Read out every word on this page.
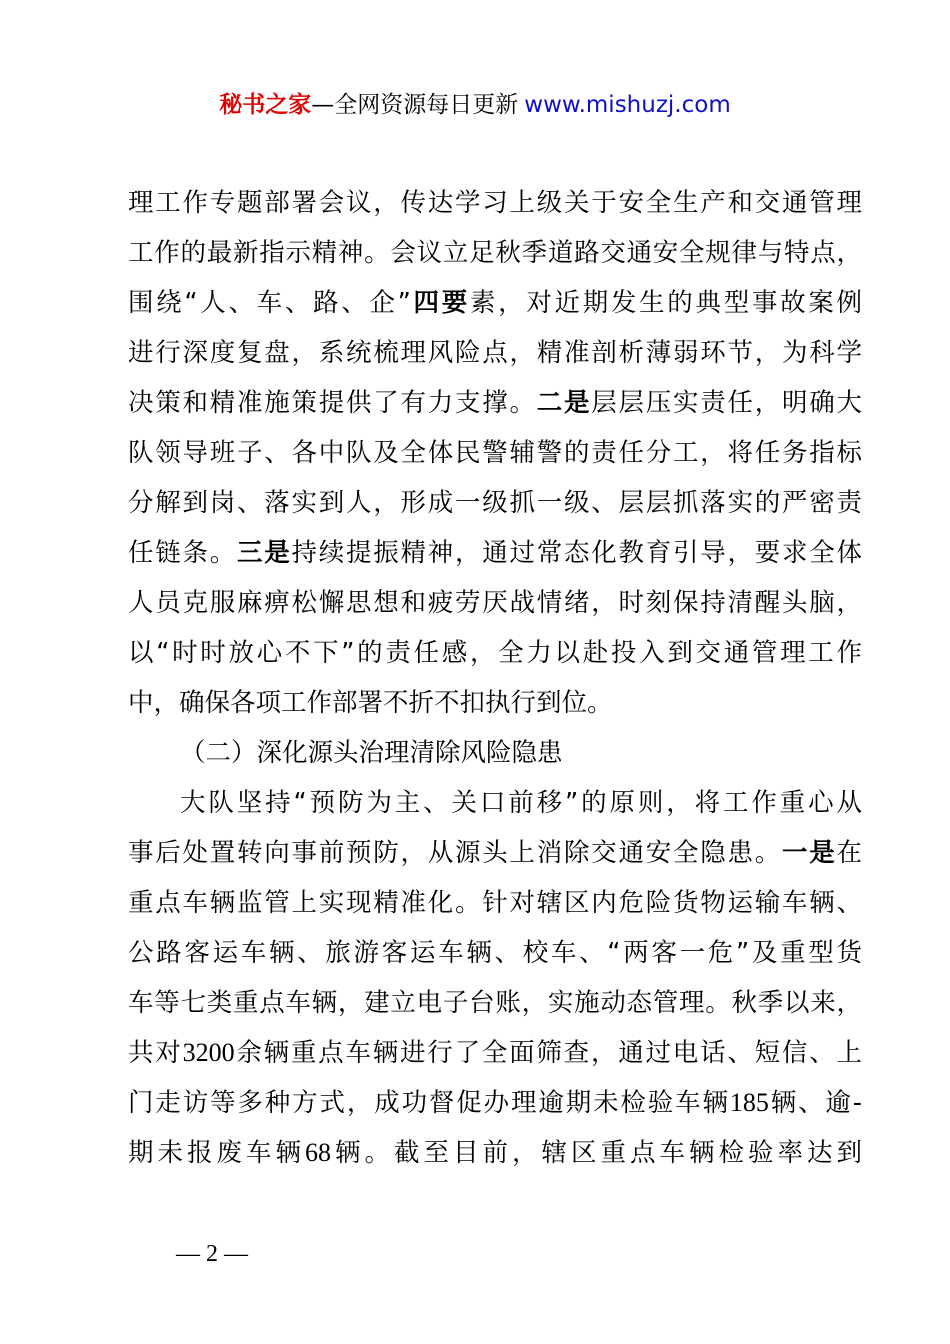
秘书之家—全网资源每日更新 www.mishuzj.com
理工作专题部署会议，传达学习上级关于安全生产和交通管理
工作的最新指示精神。会议立足秋季道路交通安全规律与特点，
围绕“人、车、路、企”四要素，对近期发生的典型事故案例
进行深度复盘，系统梳理风险点，精准剖析薄弱环节，为科学
决策和精准施策提供了有力支撑。二是层层压实责任，明确大
队领导班子、各中队及全体民警辅警的责任分工，将任务指标
分解到岗、落实到人，形成一级抓一级、层层抓落实的严密责
任链条。三是持续提振精神，通过常态化教育引导，要求全体
人员克服麻痹松懈思想和疲劳厌战情绪，时刻保持清醒头脑，
以“时时放心不下”的责任感，全力以赴投入到交通管理工作
中，确保各项工作部署不折不扣执行到位。
（二）深化源头治理清除风险隐患
大队坚持“预防为主、关口前移”的原则，将工作重心从
事后处置转向事前预防，从源头上消除交通安全隐患。一是在
重点车辆监管上实现精准化。针对辖区内危险货物运输车辆、
公路客运车辆、旅游客运车辆、校车、“两客一危”及重型货
车等七类重点车辆，建立电子台账，实施动态管理。秋季以来，
共对3200余辆重点车辆进行了全面筛查，通过电话、短信、上
门走访等多种方式，成功督促办理逾期未检验车辆185辆、逾-
期未报废车辆68辆。截至目前，辖区重点车辆检验率达到
— 2 —
